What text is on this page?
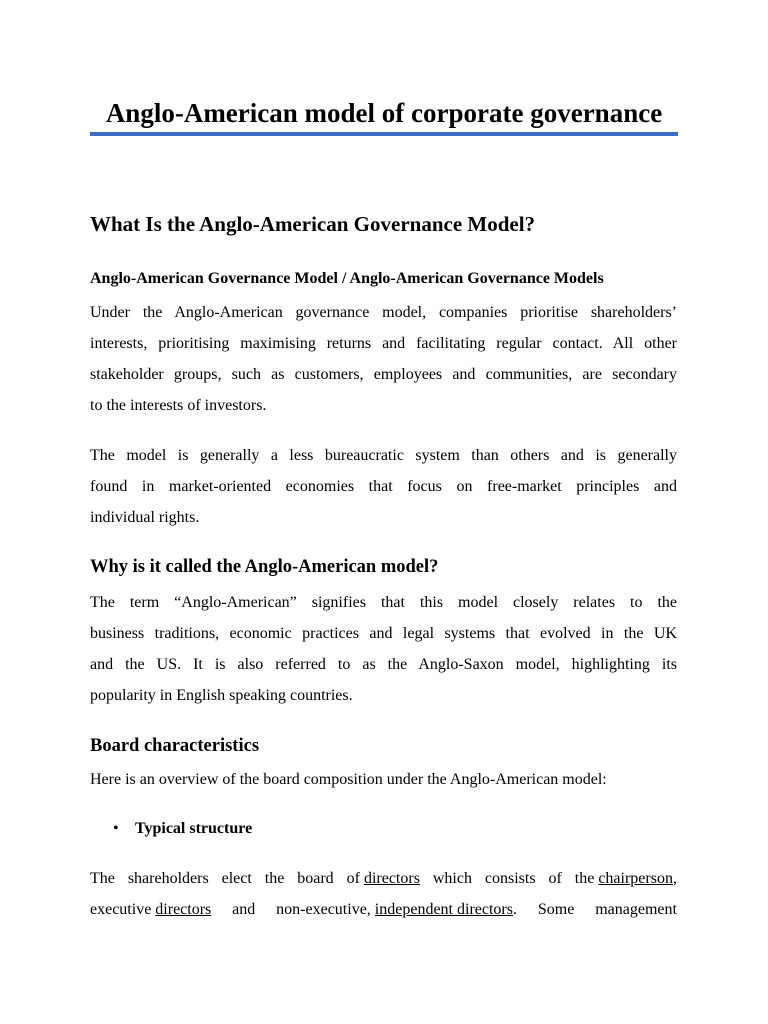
Anglo-American model of corporate governance
What Is the Anglo-American Governance Model?

Anglo-American Governance Model / Anglo-American Governance Models

Under the Anglo-American governance model, companies prioritise shareholders’
interests, prioritising maximising returns and facilitating regular contact. All other
stakeholder groups, such as customers, employees and communities, are secondary
to the interests of investors.

The model is generally a less bureaucratic system than others and is generally
found in market-oriented economies that focus on free-market principles and
individual rights.

Why is it called the Anglo-American model?

The term “Anglo-American” signifies that this model closely relates to the
business traditions, economic practices and legal systems that evolved in the UK
and the US. It is also referred to as the Anglo-Saxon model, highlighting its
popularity in English speaking countries.

Board characteristics

Here is an overview of the board composition under the Anglo-American model:

• Typical structure
The shareholders elect the board of directors which consists of the chairperson,
executive directors and non-executive, independent directors. Some management
